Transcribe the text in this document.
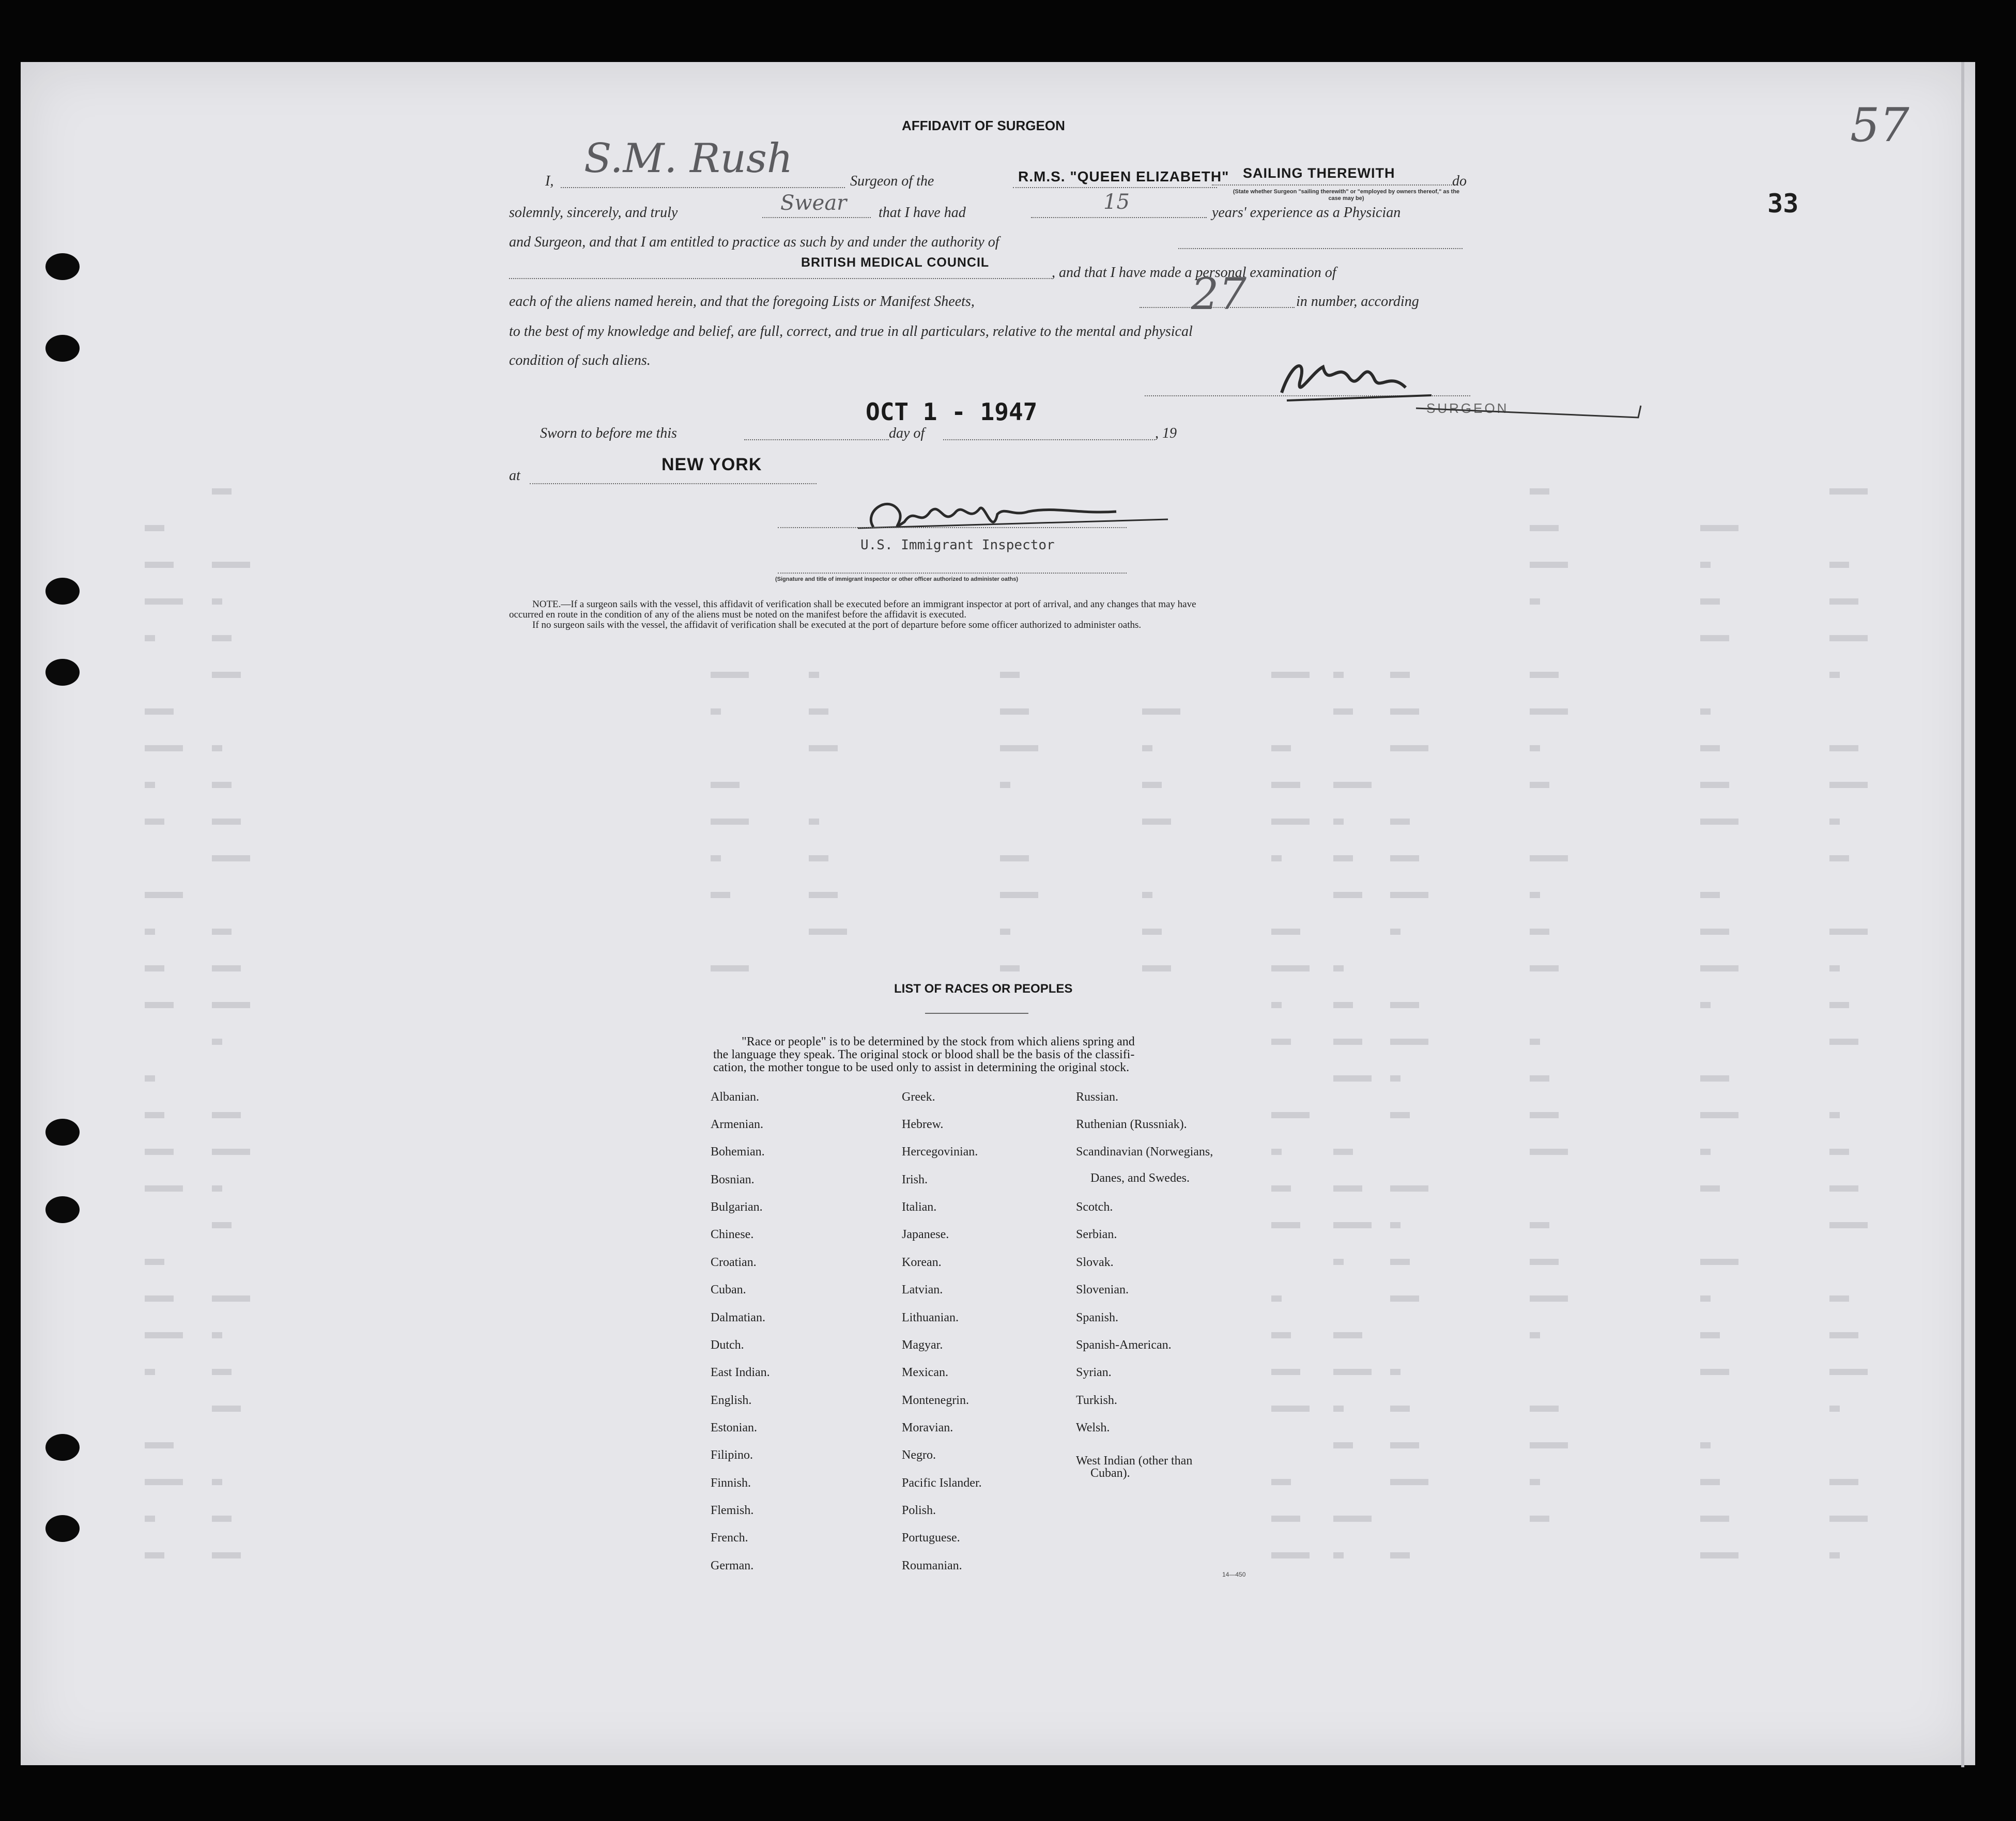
57
33
AFFIDAVIT OF SURGEON
I, S.M. Rush	Surgeon of the	R.M.S. "QUEEN ELIZABETH" SAILING THEREWITH
(State whether Surgeon "sailing therewith" or "employed by owners thereof," as the case may be)
do
solemnly, sincerely, and truly	Swear that I have had	15	years' experience as a Physician
and Surgeon, and that I am entitled to practice as such by and under the authority of
BRITISH MEDICAL COUNCIL
, and that I have made a personal examination of
each of the aliens named herein, and that the foregoing Lists or Manifest Sheets,	27	in number, according
to the best of my knowledge and belief, are full, correct, and true in all particulars, relative to the mental and physical
condition of such aliens.
SURGEON
Sworn to before me this
OCT 1 - 1947
day of	, 19
at
NEW YORK
U.S. Immigrant Inspector
(Signature and title of immigrant inspector or other officer authorized to administer oaths)
NOTE.—If a surgeon sails with the vessel, this affidavit of verification shall be executed before an immigrant inspector at port of arrival, and any changes that may have
occurred en route in the condition of any of the aliens must be noted on the manifest before the affidavit is executed.
If no surgeon sails with the vessel, the affidavit of verification shall be executed at the port of departure before some officer authorized to administer oaths.
LIST OF RACES OR PEOPLES
"Race or people" is to be determined by the stock from which aliens spring and
the language they speak. The original stock or blood shall be the basis of the classifi-
cation, the mother tongue to be used only to assist in determining the original stock.
Albanian.
Armenian.
Bohemian.
Bosnian.
Bulgarian.
Chinese.
Croatian.
Cuban.
Dalmatian.
Dutch.
East Indian.
English.
Estonian.
Filipino.
Finnish.
Flemish.
French.
German.
Greek.
Hebrew.
Hercegovinian.
Irish.
Italian.
Japanese.
Korean.
Latvian.
Lithuanian.
Magyar.
Mexican.
Montenegrin.
Moravian.
Negro.
Pacific Islander.
Polish.
Portuguese.
Roumanian.
Russian.
Ruthenian (Russniak).
Scandinavian (Norwegians,
Scotch.
Serbian.
Slovak.
Slovenian.
Spanish.
Spanish-American.
Syrian.
Turkish.
Welsh.
West Indian (other than
Danes, and Swedes.
Cuban).
14—450
